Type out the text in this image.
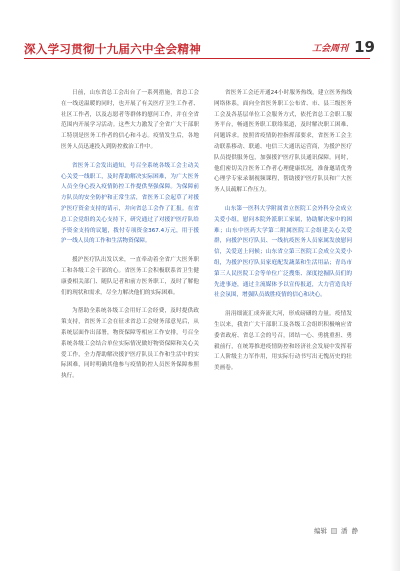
深入学习贯彻十九届六中全会精神	工会周刊 19

日前，山东省总工会出台了一系列措施，省总工会在一线送温暖的同时，也开展了有关医疗卫生工作者、社区工作者，以及志愿者等群体的慰问工作，并在全省范围内开展学习活动。这些大力激发了全省广大干部职工特别是医务工作者的信心和斗志。疫情发生后，各地医务人员迅速投入到防控救治工作中。

省医务工会发出通知，号召全系统各级工会主动关心关爱一线职工，及时帮助解决实际困难，为广大医务人员全身心投入疫情防控工作提供坚强保障。为保障前方队员的安全防护和正常生活，省医务工会起草了对援沪医疗资金支持的请示，并向省总工会作了汇报。在省总工会党组的关心支持下，研究通过了对援沪医疗队给予资金支持的议题，拨付专项资金367.4万元，用于援沪一线人员的工作和生活物资保障。

援沪医疗队出发以来，一直牵动着全省广大医务职工和各级工会干部的心。省医务工会积极联系省卫生健康委相关部门、随队记者和前方医务职工，及时了解他们的现状和需求，尽全力解决他们的实际困难。

为帮助全系统各级工会用好工会经费，及时提供政策支持，省医务工会在征求省总工会财务部意见后，从系统层面作出部署，物资保障等相应工作安排，号召全系统各级工会结合单位实际情况做好物资保障和关心关爱工作，全力帮助解决援沪医疗队员工作和生活中的实际困难，同时明确其他参与疫情防控人员医务保障参照执行。

省医务工会还开通24小时服务热线，建立医务热线网络体系，面向全省医务职工公布省、市、县三级医务工会及各基层单位工会服务方式，依托省总工会职工服务平台，畅通医务职工联络渠道，及时解决职工困难、问题诉求。按照省疫情防控指挥部要求，省医务工会主动联系移动、联通、电信三大通讯运营商，为援沪医疗队员提供服务包，加强援沪医疗队员通讯保障。同时，他们密切关注医务工作者心理健康状况，准备邀请优秀心理学专家录制视频课程，帮助援沪医疗队员和广大医务人员疏解工作压力。

山东第一医科大学附属省立医院工会外科分会成立关爱小组，慰问本院外派职工家属，协助解决家中的困难；山东中医药大学第二附属医院工会组建关心关爱群，向援沪医疗队员、一线抗疫医务人员家属发放慰问信，关爱送上问候；山东省立第三医院工会成立关爱小组，为援沪医疗队员家庭配发蔬菜和生活用品；青岛市第三人民医院工会等单位广泛搜集、深度挖掘队员们的先进事迹，通过主流媒体予以宣传报道，大力营造良好社会氛围，增强队员战胜疫情的信心和决心。

涓涓细流汇成奔流大河，形成磅礴的力量。疫情发生以来，我省广大干部职工及各级工会组织积极响应省委省政府、省总工会的号召，团结一心、勇挑重担、勇毅前行，在统筹推进疫情防控和经济社会发展中发挥着工人阶级主力军作用，用实际行动书写出无愧历史的壮美画卷。

编辑 潘 静
